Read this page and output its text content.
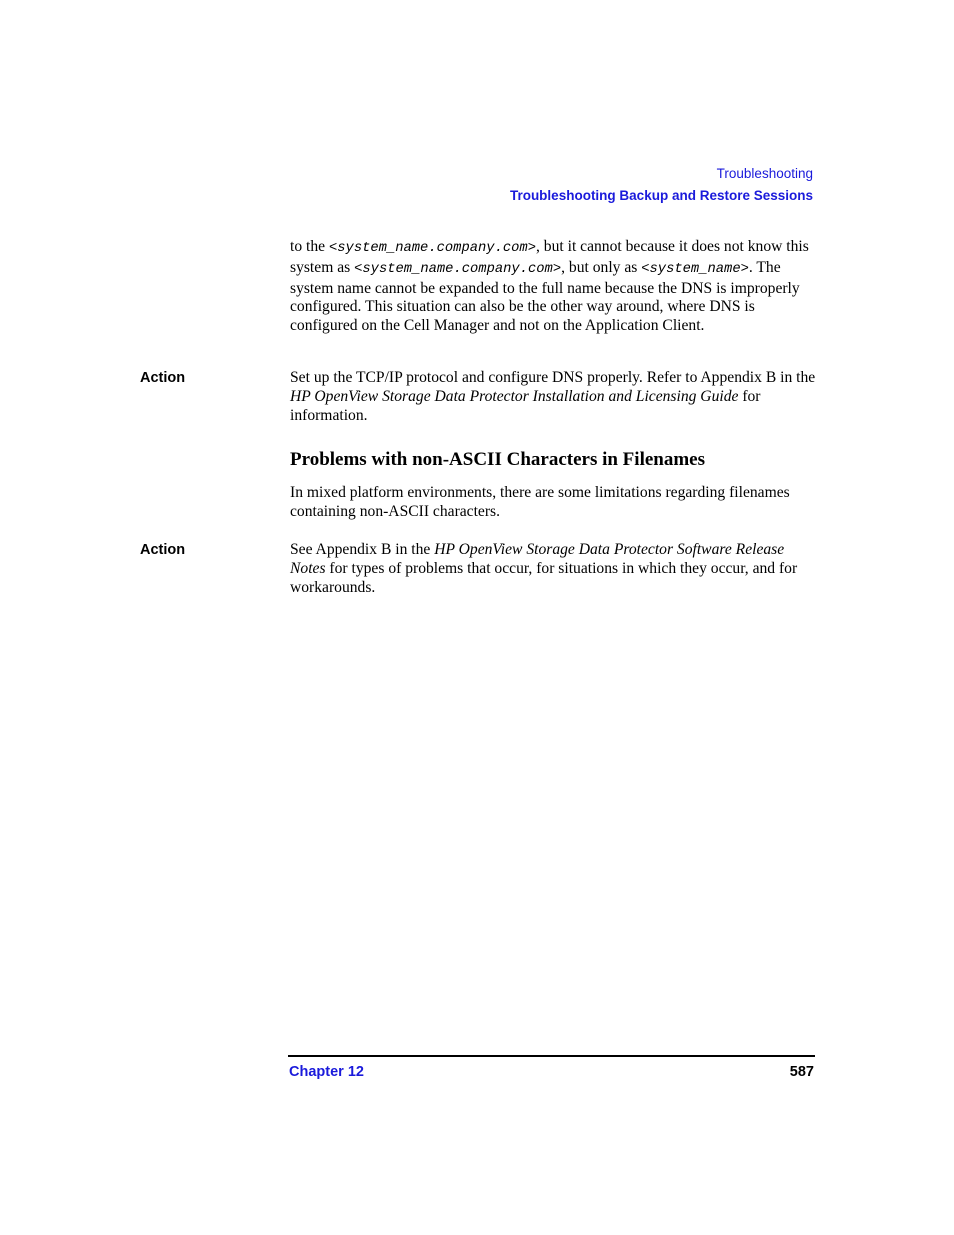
Troubleshooting
Troubleshooting Backup and Restore Sessions
to the <system_name.company.com>, but it cannot because it does not know this system as <system_name.company.com>, but only as <system_name>. The system name cannot be expanded to the full name because the DNS is improperly configured. This situation can also be the other way around, where DNS is configured on the Cell Manager and not on the Application Client.
Action	Set up the TCP/IP protocol and configure DNS properly. Refer to Appendix B in the HP OpenView Storage Data Protector Installation and Licensing Guide for information.
Problems with non-ASCII Characters in Filenames
In mixed platform environments, there are some limitations regarding filenames containing non-ASCII characters.
Action	See Appendix B in the HP OpenView Storage Data Protector Software Release Notes for types of problems that occur, for situations in which they occur, and for workarounds.
Chapter 12	587
